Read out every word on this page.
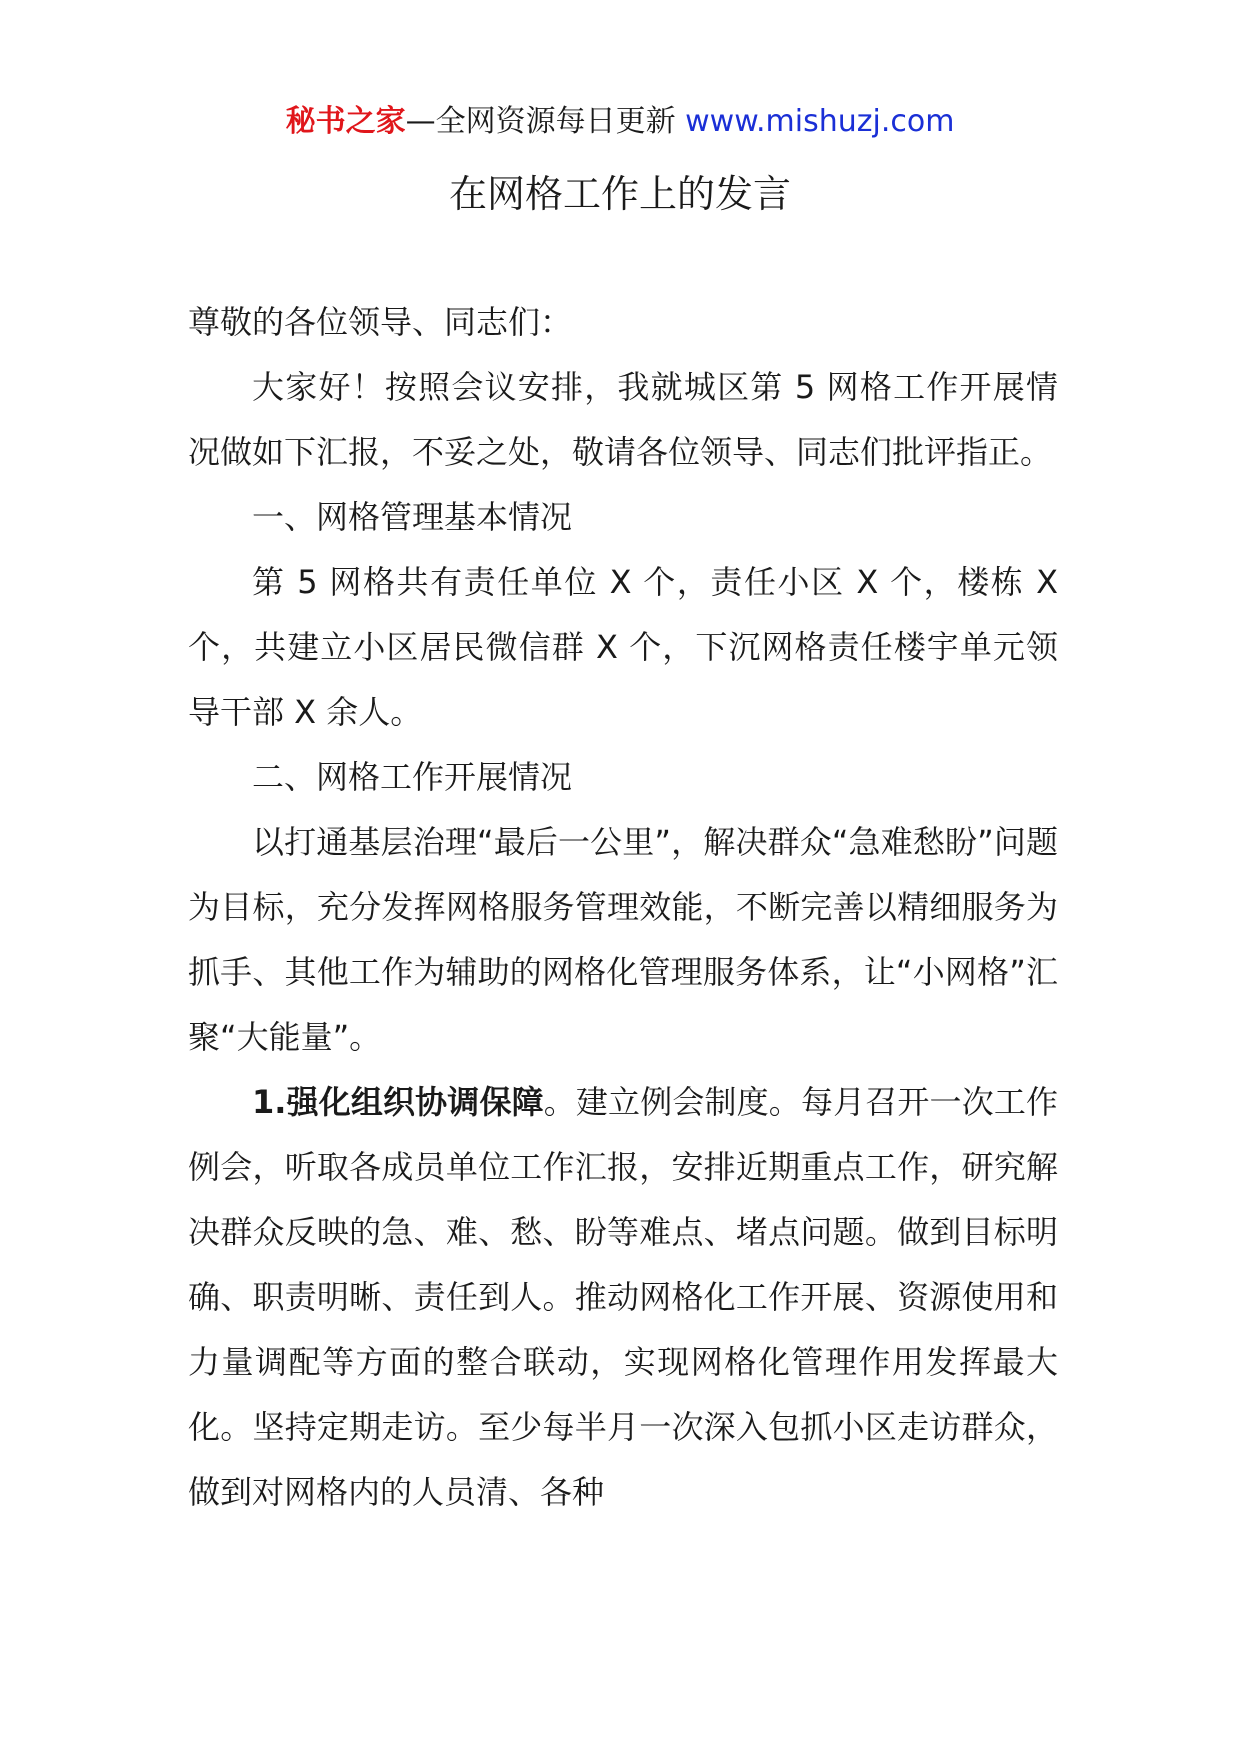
秘书之家—全网资源每日更新 www.mishuzj.com
在网格工作上的发言

尊敬的各位领导、同志们：

大家好！按照会议安排，我就城区第 5 网格工作开展情况做如下汇报，不妥之处，敬请各位领导、同志们批评指正。

一、网格管理基本情况

第 5 网格共有责任单位 X 个，责任小区 X 个，楼栋 X 个，共建立小区居民微信群 X 个，下沉网格责任楼宇单元领导干部 X 余人。

二、网格工作开展情况

以打通基层治理“最后一公里”，解决群众“急难愁盼”问题为目标，充分发挥网格服务管理效能，不断完善以精细服务为抓手、其他工作为辅助的网格化管理服务体系，让“小网格”汇聚“大能量”。

1.强化组织协调保障。建立例会制度。每月召开一次工作例会，听取各成员单位工作汇报，安排近期重点工作，研究解决群众反映的急、难、愁、盼等难点、堵点问题。做到目标明确、职责明晰、责任到人。推动网格化工作开展、资源使用和力量调配等方面的整合联动，实现网格化管理作用发挥最大化。坚持定期走访。至少每半月一次深入包抓小区走访群众，做到对网格内的人员清、各种
